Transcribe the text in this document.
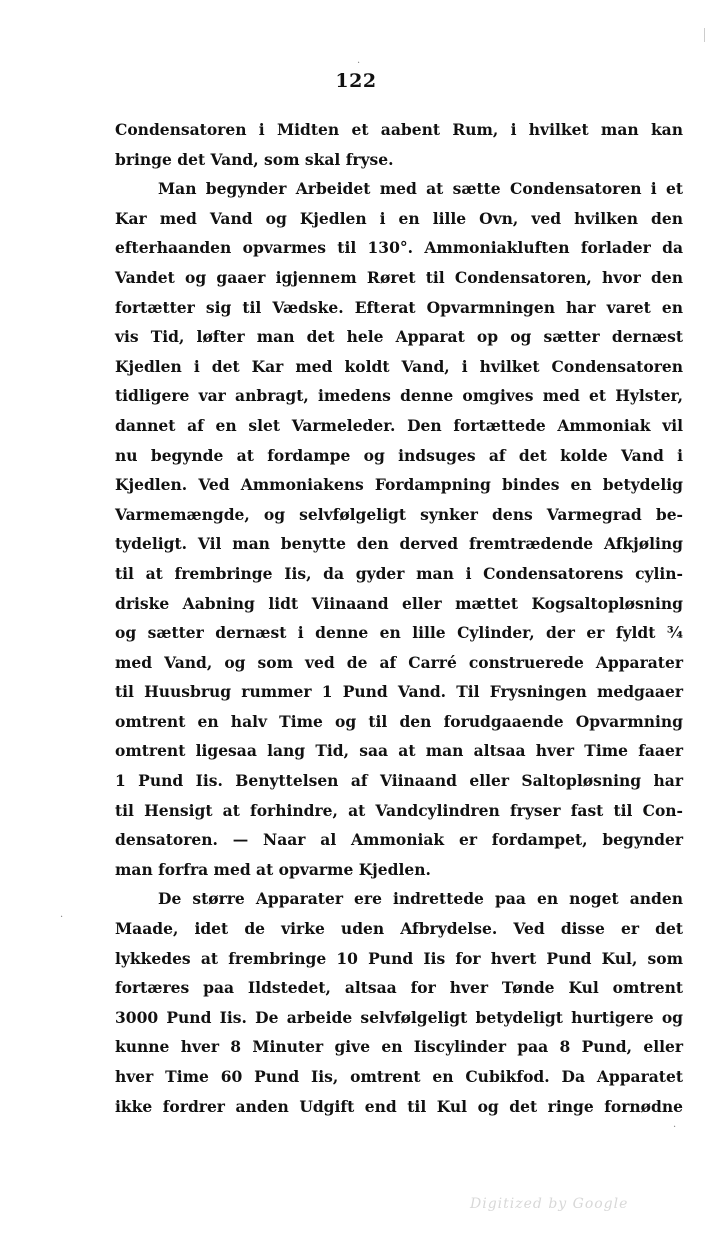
·
·
·
122
Condensatoren i Midten et aabent Rum, i hvilket man kan
bringe det Vand, som skal fryse.
Man begynder Arbeidet med at sætte Condensatoren i et
Kar med Vand og Kjedlen i en lille Ovn, ved hvilken den
efterhaanden opvarmes til 130°. Ammoniakluften forlader da
Vandet og gaaer igjennem Røret til Condensatoren, hvor den
fortætter sig til Vædske. Efterat Opvarmningen har varet en
vis Tid, løfter man det hele Apparat op og sætter dernæst
Kjedlen i det Kar med koldt Vand, i hvilket Condensatoren
tidligere var anbragt, imedens denne omgives med et Hylster,
dannet af en slet Varmeleder. Den fortættede Ammoniak vil
nu begynde at fordampe og indsuges af det kolde Vand i
Kjedlen. Ved Ammoniakens Fordampning bindes en betydelig
Varmemængde, og selvfølgeligt synker dens Varmegrad be-
tydeligt. Vil man benytte den derved fremtrædende Afkjøling
til at frembringe Iis, da gyder man i Condensatorens cylin-
driske Aabning lidt Viinaand eller mættet Kogsaltopløsning
og sætter dernæst i denne en lille Cylinder, der er fyldt ¾
med Vand, og som ved de af Carré construerede Apparater
til Huusbrug rummer 1 Pund Vand. Til Frysningen medgaaer
omtrent en halv Time og til den forudgaaende Opvarmning
omtrent ligesaa lang Tid, saa at man altsaa hver Time faaer
1 Pund Iis. Benyttelsen af Viinaand eller Saltopløsning har
til Hensigt at forhindre, at Vandcylindren fryser fast til Con-
densatoren. — Naar al Ammoniak er fordampet, begynder
man forfra med at opvarme Kjedlen.
De større Apparater ere indrettede paa en noget anden
Maade, idet de virke uden Afbrydelse. Ved disse er det
lykkedes at frembringe 10 Pund Iis for hvert Pund Kul, som
fortæres paa Ildstedet, altsaa for hver Tønde Kul omtrent
3000 Pund Iis. De arbeide selvfølgeligt betydeligt hurtigere og
kunne hver 8 Minuter give en Iiscylinder paa 8 Pund, eller
hver Time 60 Pund Iis, omtrent en Cubikfod. Da Apparatet
ikke fordrer anden Udgift end til Kul og det ringe fornødne
Digitized by Google
